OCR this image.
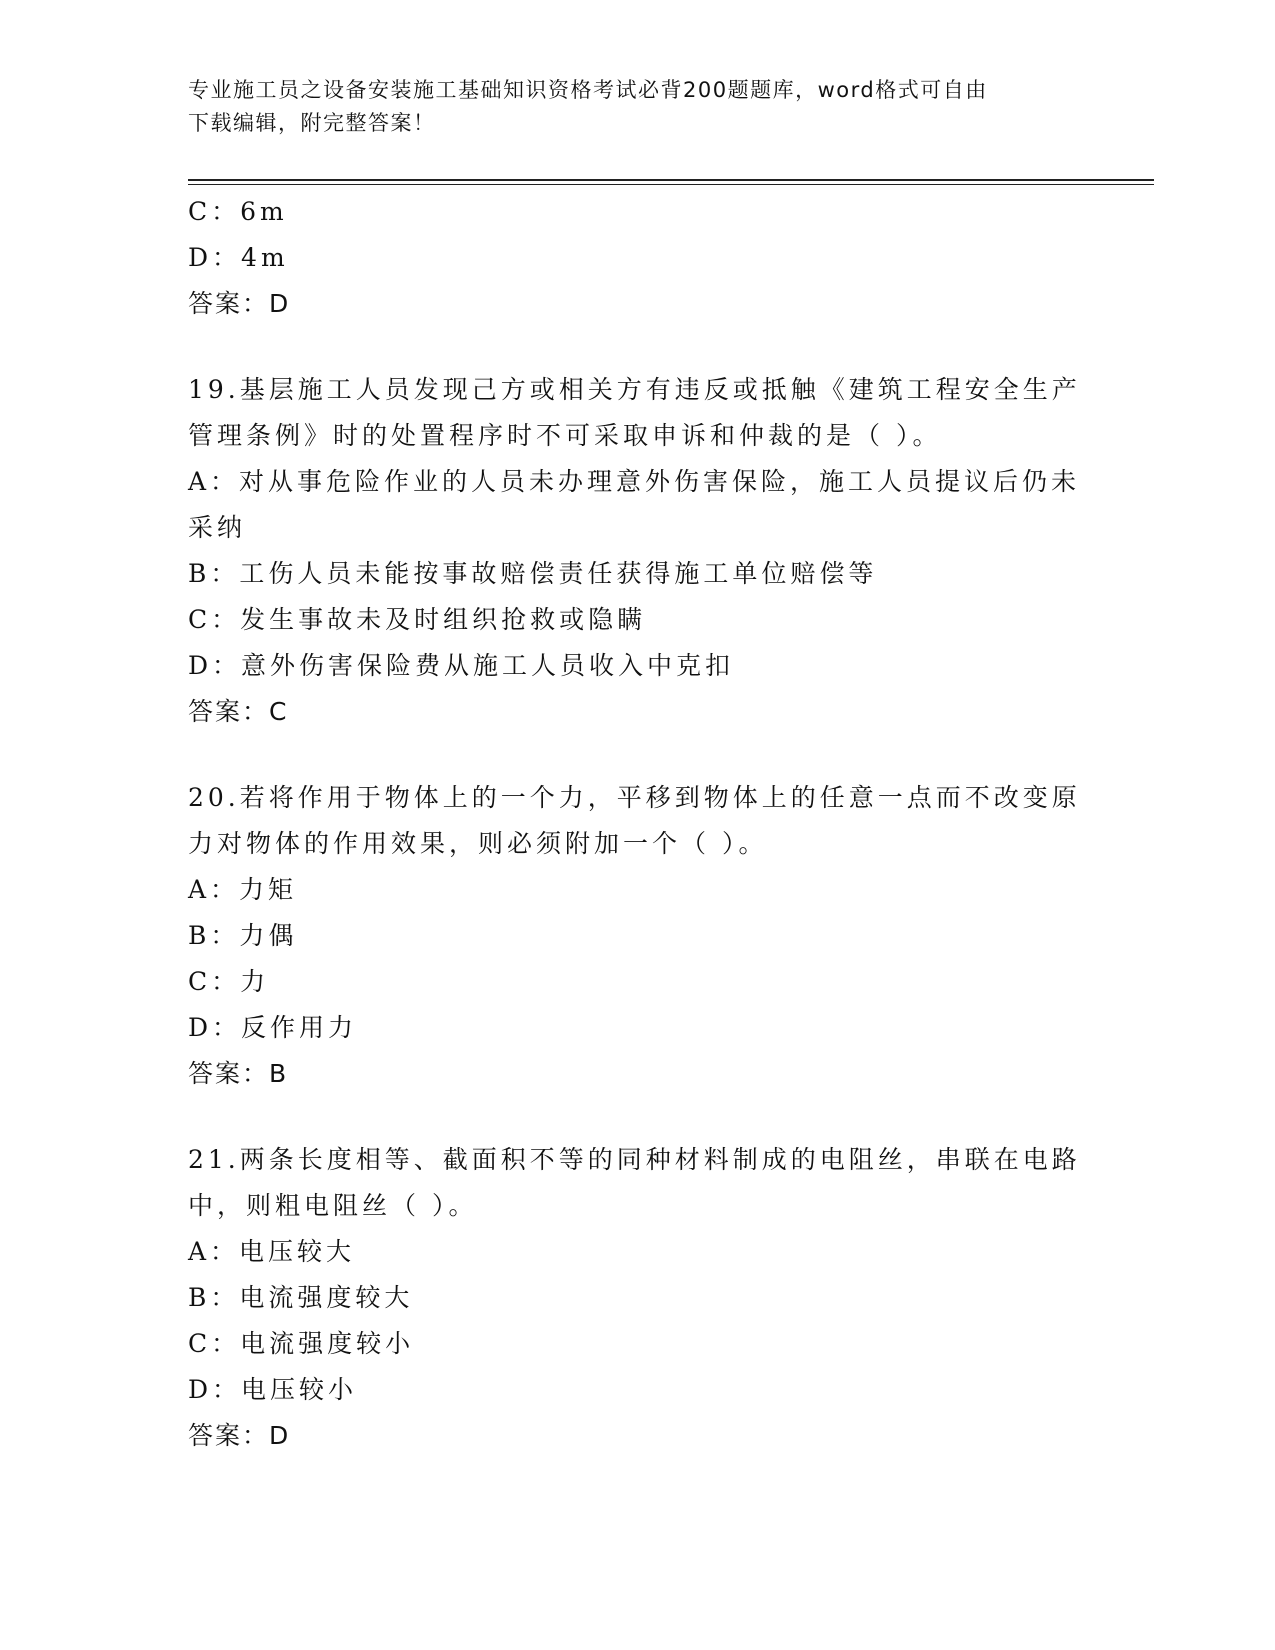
专业施工员之设备安装施工基础知识资格考试必背200题题库，word格式可自由
下载编辑，附完整答案！
C：6m
D：4m
答案：D
19.基层施工人员发现己方或相关方有违反或抵触《建筑工程安全生产
管理条例》时的处置程序时不可采取申诉和仲裁的是（ ）。
A：对从事危险作业的人员未办理意外伤害保险，施工人员提议后仍未
采纳
B：工伤人员未能按事故赔偿责任获得施工单位赔偿等
C：发生事故未及时组织抢救或隐瞒
D：意外伤害保险费从施工人员收入中克扣
答案：C
20.若将作用于物体上的一个力，平移到物体上的任意一点而不改变原
力对物体的作用效果，则必须附加一个（ ）。
A：力矩
B：力偶
C：力
D：反作用力
答案：B
21.两条长度相等、截面积不等的同种材料制成的电阻丝，串联在电路
中，则粗电阻丝（ ）。
A：电压较大
B：电流强度较大
C：电流强度较小
D：电压较小
答案：D
